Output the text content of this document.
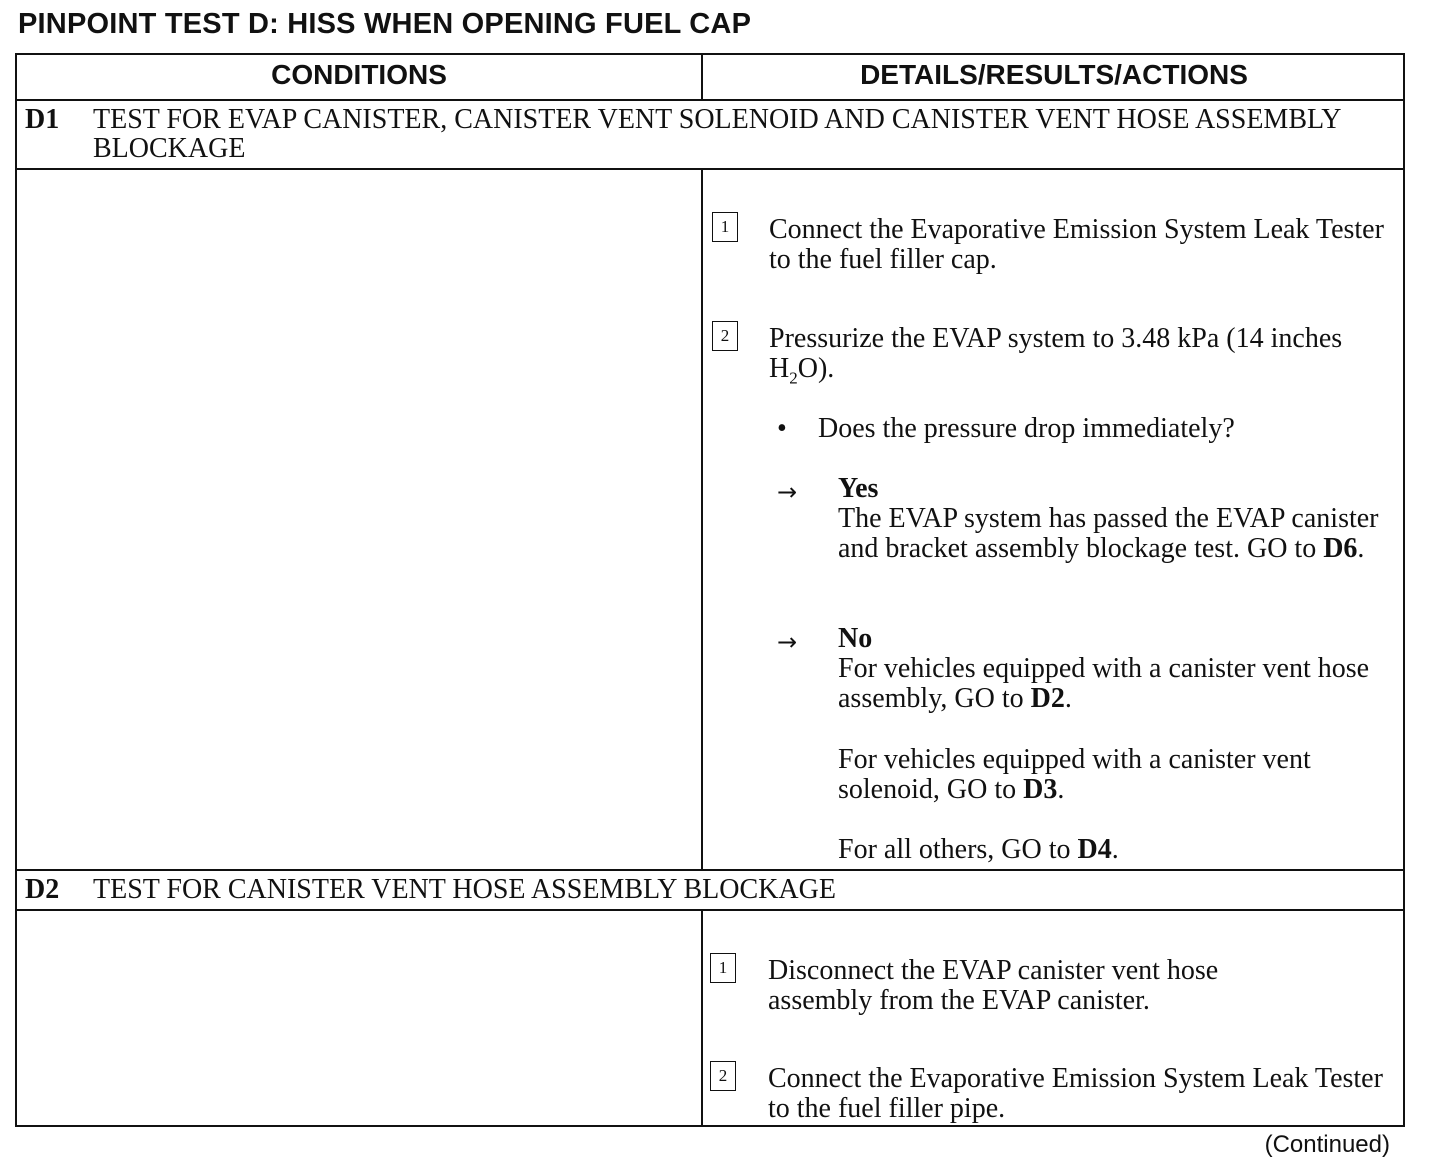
PINPOINT TEST D: HISS WHEN OPENING FUEL CAP
CONDITIONS	DETAILS/RESULTS/ACTIONS
D1 TEST FOR EVAP CANISTER, CANISTER VENT SOLENOID AND CANISTER VENT HOSE ASSEMBLY BLOCKAGE
1	Connect the Evaporative Emission System Leak Tester to the fuel filler cap.
2	Pressurize the EVAP system to 3.48 kPa (14 inches $H_2O$).
• Does the pressure drop immediately?
→ Yes
The EVAP system has passed the EVAP canister and bracket assembly blockage test. GO to D6.
→ No
For vehicles equipped with a canister vent hose assembly, GO to D2.
For vehicles equipped with a canister vent solenoid, GO to D3.
For all others, GO to D4.
D2 TEST FOR CANISTER VENT HOSE ASSEMBLY BLOCKAGE
1	Disconnect the EVAP canister vent hose assembly from the EVAP canister.
2	Connect the Evaporative Emission System Leak Tester to the fuel filler pipe.
(Continued)
